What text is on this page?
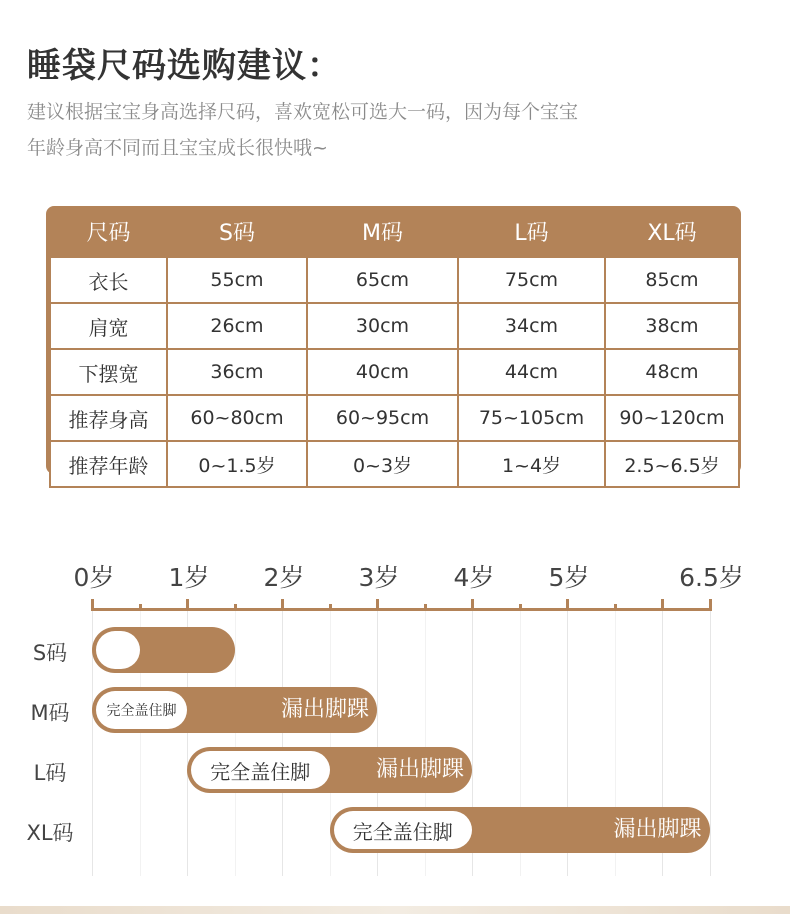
睡袋尺码选购建议：
建议根据宝宝身高选择尺码，喜欢宽松可选大一码，因为每个宝宝
年龄身高不同而且宝宝成长很快哦~
尺码	S码	M码	L码	XL码
衣长	55cm	65cm	75cm	85cm
肩宽	26cm	30cm	34cm	38cm
下摆宽	36cm	40cm	44cm	48cm
推荐身高	60~80cm	60~95cm	75~105cm	90~120cm
推荐年龄	0~1.5岁	0~3岁	1~4岁	2.5~6.5岁
0岁 1岁 2岁 3岁 4岁 5岁	6.5岁
S码
M码	完全盖住脚	漏出脚踝
L码	完全盖住脚	漏出脚踝
XL码	完全盖住脚	漏出脚踝
